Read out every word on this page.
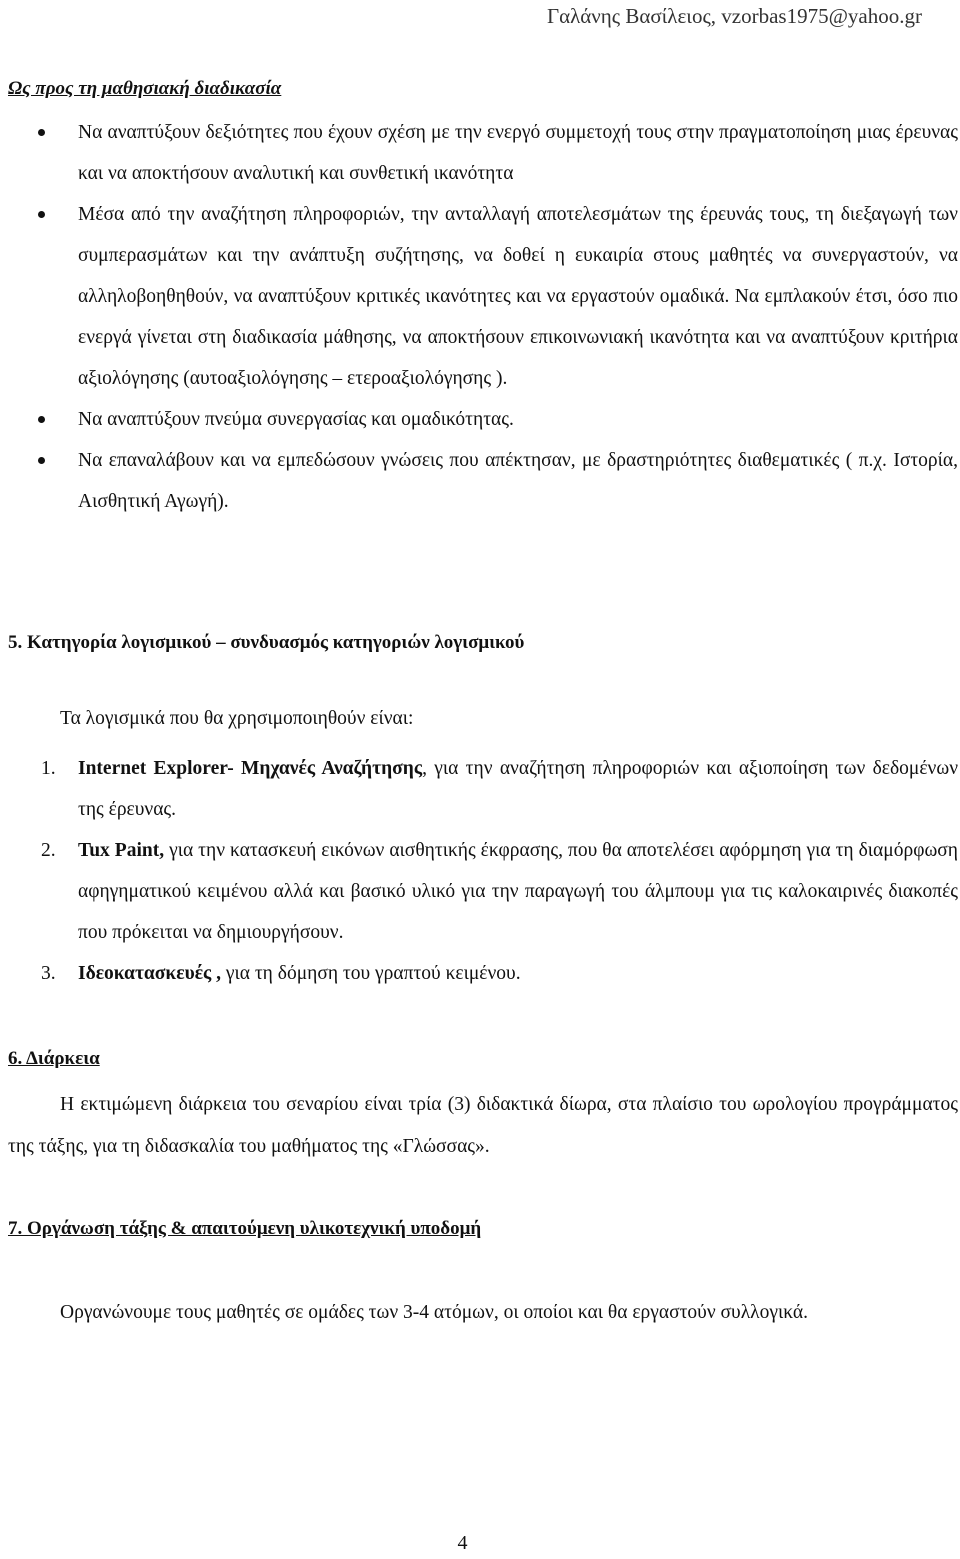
Γαλάνης Βασίλειος, vzorbas1975@yahoo.gr
Ως προς τη μαθησιακή διαδικασία
Να αναπτύξουν δεξιότητες που έχουν σχέση με την ενεργό συμμετοχή τους στην πραγματοποίηση μιας έρευνας και να αποκτήσουν αναλυτική και συνθετική ικανότητα
Μέσα από την αναζήτηση πληροφοριών, την ανταλλαγή αποτελεσμάτων της έρευνάς τους, τη διεξαγωγή των συμπερασμάτων και την ανάπτυξη συζήτησης, να δοθεί η ευκαιρία στους μαθητές να συνεργαστούν, να αλληλοβοηθηθούν, να αναπτύξουν κριτικές ικανότητες και να εργαστούν ομαδικά. Να εμπλακούν έτσι, όσο πιο ενεργά γίνεται στη διαδικασία μάθησης, να αποκτήσουν επικοινωνιακή ικανότητα και να αναπτύξουν κριτήρια αξιολόγησης (αυτοαξιολόγησης – ετεροαξιολόγησης ).
Να αναπτύξουν πνεύμα συνεργασίας και ομαδικότητας.
Να επαναλάβουν και να εμπεδώσουν γνώσεις που απέκτησαν, με δραστηριότητες διαθεματικές ( π.χ. Ιστορία, Αισθητική Αγωγή).
5. Κατηγορία λογισμικού – συνδυασμός κατηγοριών λογισμικού
Τα λογισμικά που θα χρησιμοποιηθούν είναι:
1. Internet Explorer- Μηχανές Αναζήτησης, για την αναζήτηση πληροφοριών και αξιοποίηση των δεδομένων της έρευνας.
2. Tux Paint, για την κατασκευή εικόνων αισθητικής έκφρασης, που θα αποτελέσει αφόρμηση για τη διαμόρφωση αφηγηματικού κειμένου αλλά και βασικό υλικό για την παραγωγή του άλμπουμ για τις καλοκαιρινές διακοπές που πρόκειται να δημιουργήσουν.
3. Ιδεοκατασκευές , για τη δόμηση του γραπτού κειμένου.
6. Διάρκεια
Η εκτιμώμενη διάρκεια του σεναρίου είναι τρία (3) διδακτικά δίωρα, στα πλαίσιο του ωρολογίου προγράμματος της τάξης, για τη διδασκαλία του μαθήματος της «Γλώσσας».
7. Οργάνωση τάξης & απαιτούμενη υλικοτεχνική υποδομή
Οργανώνουμε τους μαθητές σε ομάδες των 3-4 ατόμων, οι οποίοι και θα εργαστούν συλλογικά.
4
